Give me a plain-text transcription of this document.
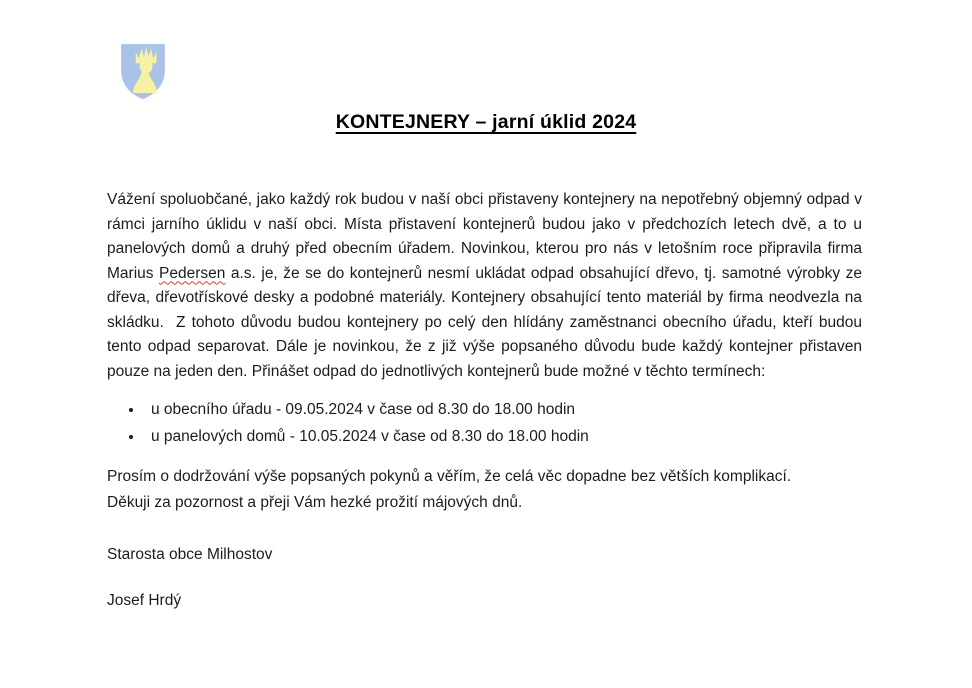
KONTEJNERY – jarní úklid 2024

Vážení spoluobčané, jako každý rok budou v naší obci přistaveny kontejnery na nepotřebný objemný odpad v rámci jarního úklidu v naší obci. Místa přistavení kontejnerů budou jako v předchozích letech dvě, a to u panelových domů a druhý před obecním úřadem. Novinkou, kterou pro nás v letošním roce připravila firma Marius Pedersen a.s. je, že se do kontejnerů nesmí ukládat odpad obsahující dřevo, tj. samotné výrobky ze dřeva, dřevotřískové desky a podobné materiály. Kontejnery obsahující tento materiál by firma neodvezla na skládku.  Z tohoto důvodu budou kontejnery po celý den hlídány zaměstnanci obecního úřadu, kteří budou tento odpad separovat. Dále je novinkou, že z již výše popsaného důvodu bude každý kontejner přistaven pouze na jeden den. Přinášet odpad do jednotlivých kontejnerů bude možné v těchto termínech:

• u obecního úřadu - 09.05.2024 v čase od 8.30 do 18.00 hodin
• u panelových domů - 10.05.2024 v čase od 8.30 do 18.00 hodin

Prosím o dodržování výše popsaných pokynů a věřím, že celá věc dopadne bez větších komplikací.
Děkuji za pozornost a přeji Vám hezké prožití májových dnů.

Starosta obce Milhostov

Josef Hrdý
